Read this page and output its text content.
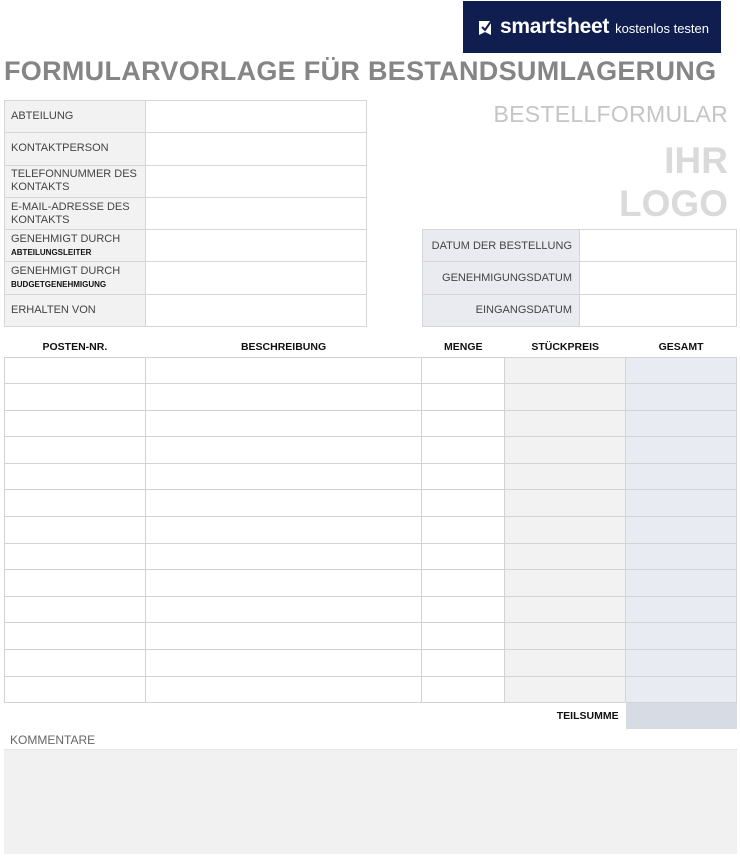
smartsheet kostenlos testen
FORMULARVORLAGE FÜR BESTANDSUMLAGERUNG
ABTEILUNG	
KONTAKTPERSON	
TELEFONNUMMER DES KONTAKTS	
E-MAIL-ADRESSE DES KONTAKTS	
GENEHMIGT DURCH
ABTEILUNGSLEITER	

GENEHMIGT DURCH
BUDGETGENEHMIGUNG	

ERHALTEN VON	
BESTELLFORMULAR
IHR
LOGO
DATUM DER BESTELLUNG	
GENEHMIGUNGSDATUM	
EINGANGSDATUM	
POSTEN-NR.	BESCHREIBUNG	MENGE	STÜCKPREIS	GESAMT

TEILSUMME				
KOMMENTARE
